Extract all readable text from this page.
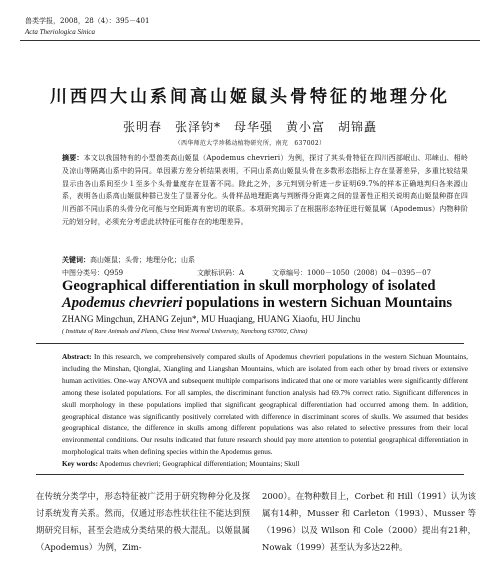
兽类学报，2008，28（4）：395－401
Acta Theriologica Sinica
川西四大山系间高山姬鼠头骨特征的地理分化
张明春　张泽钧*　母华强　黄小富　胡锦矗
（西华师范大学珍稀动植物研究所，南充　637002）
摘要：本文以我国特有的小型兽类高山姬鼠（Apodemus chevrieri）为例，探讨了其头骨特征在四川西部岷山、邛崃山、相岭及凉山等隔离山系中的异同。单因素方差分析结果表明，不同山系高山姬鼠头骨在多数形态指标上存在显著差异，多重比较结果显示由各山系间至少１至多个头骨量度存在显著不同。除此之外，多元判别分析进一步证明69.7%的样本正确地判归各来源山系，表明各山系高山姬鼠种群已发生了显著分化。头骨样品地理距离与判断得分距离之间的显著性正相关说明高山姬鼠种群在四川西部不同山系的头骨分化可能与空间距离有密切的联系。本项研究揭示了在根据形态特征进行姬鼠属（Apodemus）内物种阶元的划分时，必须充分考虑此状特征可能存在的地理差异。
关键词：高山姬鼠；头骨；地理分化；山系
中图分类号：Q959	文献标识码：A	文章编号：1000－1050（2008）04－0395－07
Geographical differentiation in skull morphology of isolated Apodemus chevrieri populations in western Sichuan Mountains
ZHANG Mingchun, ZHANG Zejun*, MU Huaqiang, HUANG Xiaofu, HU Jinchu
( Institute of Rare Animals and Plants, China West Normal University, Nanchong 637002, China)
Abstract: In this research, we comprehensively compared skulls of Apodemus chevrieri populations in the western Sichuan Mountains, including the Minshan, Qionglai, Xiangling and Liangshan Mountains, which are isolated from each other by broad rivers or extensive human activities. One-way ANOVA and subsequent multiple comparisons indicated that one or more variables were significantly different among these isolated populations. For all samples, the discriminant function analysis had 69.7% correct ratio. Significant differences in skull morphology in these populations implied that significant geographical differentiation had occurred among them. In addition, geographical distance was significantly positively correlated with difference in discriminant scores of skulls. We assumed that besides geographical distance, the difference in skulls among different populations was also related to selective pressures from their local environmental conditions. Our results indicated that future research should pay more attention to potential geographical differentiation in morphological traits when defining species within the Apodemus genus.
Key words: Apodemus chevrieri; Geographical differentiation; Mountains; Skull
在传统分类学中，形态特征被广泛用于研究物种分化及探讨系统发育关系。然而，仅通过形态性状往往不能达到预期研究目标，甚至会造成分类结果的极大混乱。以姬鼠属（Apodemus）为例，Zim-
2000）。在物种数目上，Corbet 和 Hill（1991）认为该属有14种，Musser 和 Carleton（1993）、Musser 等（1996）以及 Wilson 和 Cole（2000）提出有21种，Nowak（1999）甚至认为多达22种。
